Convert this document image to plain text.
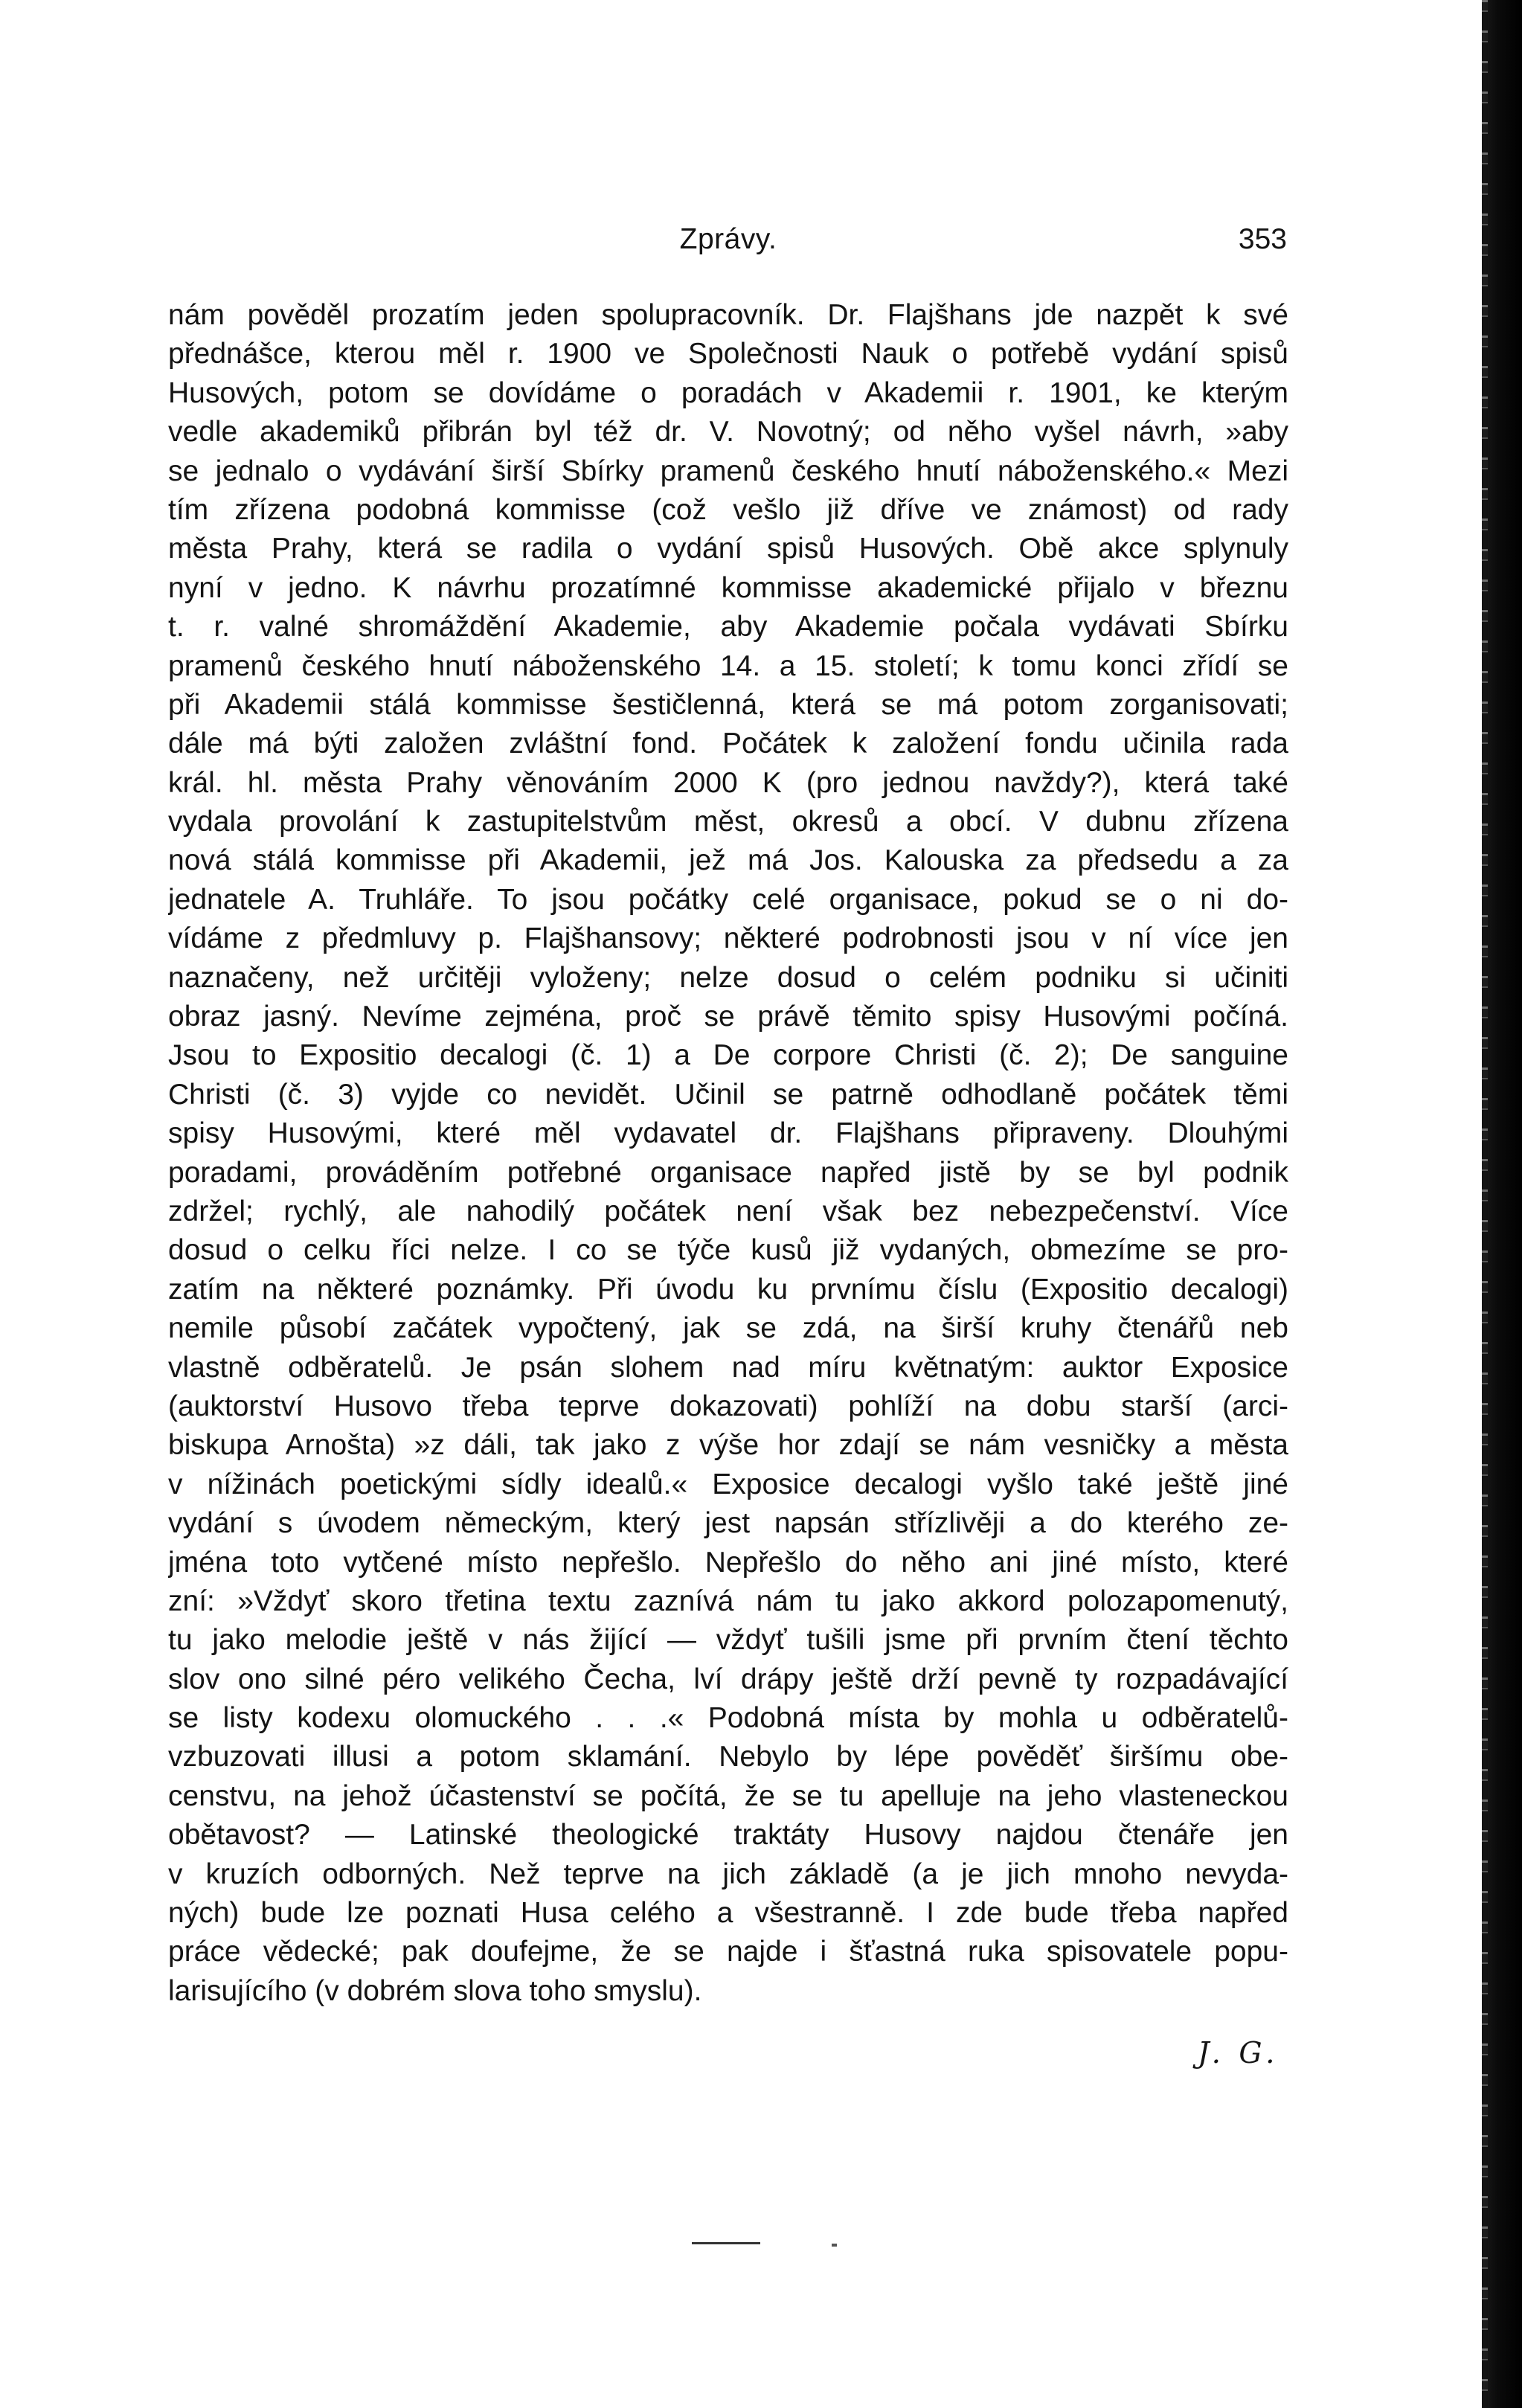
Zprávy.	353
nám pověděl prozatím jeden spolupracovník. Dr. Flajšhans jde nazpět k své
přednášce, kterou měl r. 1900 ve Společnosti Nauk o potřebě vydání spisů
Husových, potom se dovídáme o poradách v Akademii r. 1901, ke kterým
vedle akademiků přibrán byl též dr. V. Novotný; od něho vyšel návrh, »aby
se jednalo o vydávání širší Sbírky pramenů českého hnutí náboženského.« Mezi
tím zřízena podobná kommisse (což vešlo již dříve ve známost) od rady
města Prahy, která se radila o vydání spisů Husových. Obě akce splynuly
nyní v jedno. K návrhu prozatímné kommisse akademické přijalo v březnu
t. r. valné shromáždění Akademie, aby Akademie počala vydávati Sbírku
pramenů českého hnutí náboženského 14. a 15. století; k tomu konci zřídí se
při Akademii stálá kommisse šestičlenná, která se má potom zorganisovati;
dále má býti založen zvláštní fond. Počátek k založení fondu učinila rada
král. hl. města Prahy věnováním 2000 K (pro jednou navždy?), která také
vydala provolání k zastupitelstvům měst, okresů a obcí. V dubnu zřízena
nová stálá kommisse při Akademii, jež má Jos. Kalouska za předsedu a za
jednatele A. Truhláře. To jsou počátky celé organisace, pokud se o ni do-
vídáme z předmluvy p. Flajšhansovy; některé podrobnosti jsou v ní více jen
naznačeny, než určitěji vyloženy; nelze dosud o celém podniku si učiniti
obraz jasný. Nevíme zejména, proč se právě těmito spisy Husovými počíná.
Jsou to Expositio decalogi (č. 1) a De corpore Christi (č. 2); De sanguine
Christi (č. 3) vyjde co nevidět. Učinil se patrně odhodlaně počátek těmi
spisy Husovými, které měl vydavatel dr. Flajšhans připraveny. Dlouhými
poradami, prováděním potřebné organisace napřed jistě by se byl podnik
zdržel; rychlý, ale nahodilý počátek není však bez nebezpečenství. Více
dosud o celku říci nelze. I co se týče kusů již vydaných, obmezíme se pro-
zatím na některé poznámky. Při úvodu ku prvnímu číslu (Expositio decalogi)
nemile působí začátek vypočtený, jak se zdá, na širší kruhy čtenářů neb
vlastně odběratelů. Je psán slohem nad míru květnatým: auktor Exposice
(auktorství Husovo třeba teprve dokazovati) pohlíží na dobu starší (arci-
biskupa Arnošta) »z dáli, tak jako z výše hor zdají se nám vesničky a města
v nížinách poetickými sídly idealů.« Exposice decalogi vyšlo také ještě jiné
vydání s úvodem německým, který jest napsán střízlivěji a do kterého ze-
jména toto vytčené místo nepřešlo. Nepřešlo do něho ani jiné místo, které
zní: »Vždyť skoro třetina textu zaznívá nám tu jako akkord polozapomenutý,
tu jako melodie ještě v nás žijící — vždyť tušili jsme při prvním čtení těchto
slov ono silné péro velikého Čecha, lví drápy ještě drží pevně ty rozpadávající
se listy kodexu olomuckého . . .« Podobná místa by mohla u odběratelů-
vzbuzovati illusi a potom sklamání. Nebylo by lépe pověděť širšímu obe-
censtvu, na jehož účastenství se počítá, že se tu apelluje na jeho vlasteneckou
obětavost? — Latinské theologické traktáty Husovy najdou čtenáře jen
v kruzích odborných. Než teprve na jich základě (a je jich mnoho nevyda-
ných) bude lze poznati Husa celého a všestranně. I zde bude třeba napřed
práce vědecké; pak doufejme, že se najde i šťastná ruka spisovatele popu-
larisujícího (v dobrém slova toho smyslu).
J. G.
